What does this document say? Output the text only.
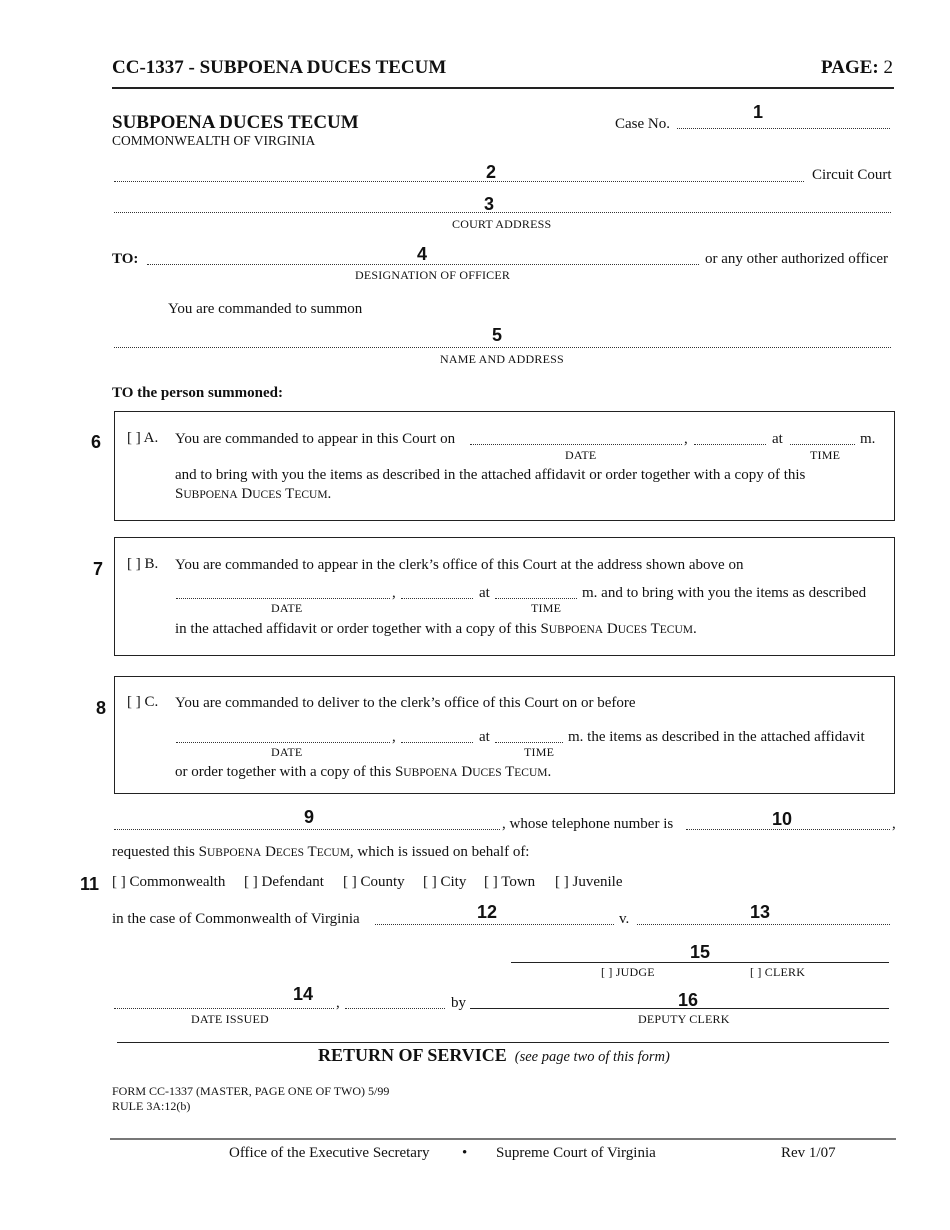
CC-1337 - SUBPOENA DUCES TECUM	PAGE: 2
SUBPOENA DUCES TECUM
COMMONWEALTH OF VIRGINIA
Case No.
1
2	Circuit Court
3
COURT ADDRESS
TO:	4	or any other authorized officer
DESIGNATION OF OFFICER
You are commanded to summon
5
NAME AND ADDRESS
TO the person summoned:
6 [ ] A. You are commanded to appear in this Court on	,	at	m.
DATE	TIME
and to bring with you the items as described in the attached affidavit or order together with a copy of this
SUBPOENA DUCES TECUM.
7 [ ] B. You are commanded to appear in the clerk’s office of this Court at the address shown above on
,	at	m. and to bring with you the items as described
DATE	TIME
in the attached affidavit or order together with a copy of this SUBPOENA DUCES TECUM.
8 [ ] C. You are commanded to deliver to the clerk’s office of this Court on or before
,	at	m. the items as described in the attached affidavit
DATE	TIME
or order together with a copy of this SUBPOENA DUCES TECUM.
9	, whose telephone number is	10	,
requested this SUBPOENA DECES TECUM, which is issued on behalf of:
11 [ ] Commonwealth [ ] Defendant [ ] County [ ] City [ ] Town [ ] Juvenile
in the case of Commonwealth of Virginia	12	v.	13
15
[ ] JUDGE	[ ] CLERK
14 ,	by	16
DATE ISSUED	DEPUTY CLERK
RETURN OF SERVICE (see page two of this form)
FORM CC-1337 (MASTER, PAGE ONE OF TWO) 5/99
RULE 3A:12(b)
Office of the Executive Secretary • Supreme Court of Virginia	Rev 1/07
